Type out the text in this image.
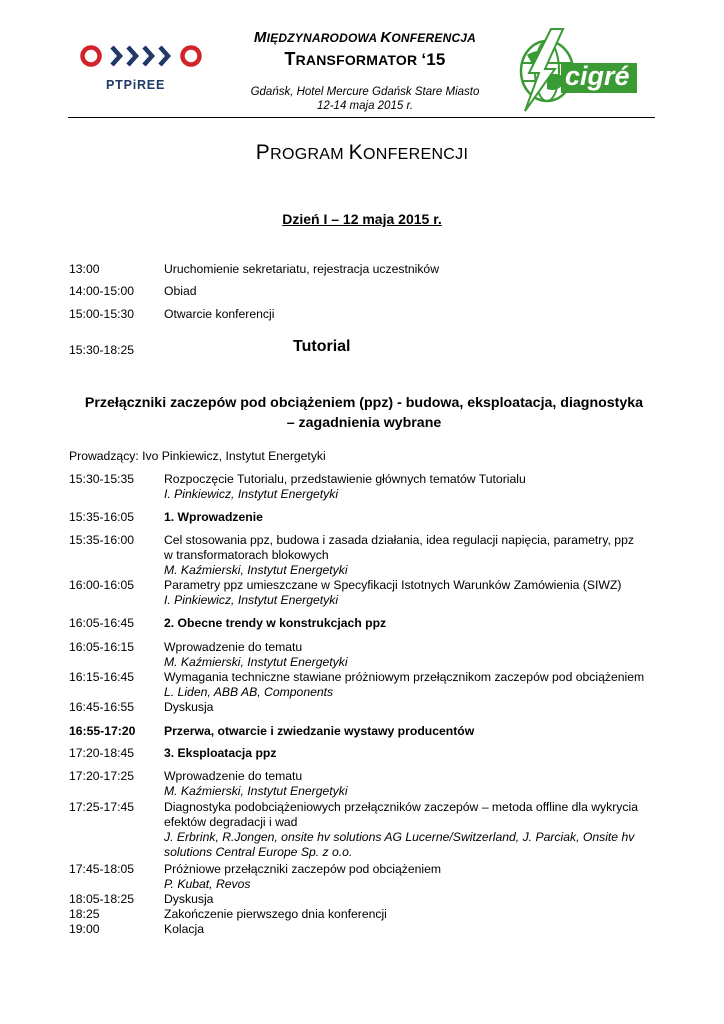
PTPiREE
MIĘDZYNARODOWA KONFERENCJA
TRANSFORMATOR ‘15
Gdańsk, Hotel Mercure Gdańsk Stare Miasto
12-14 maja 2015 r.
cigré
PROGRAM KONFERENCJI
Dzień I – 12 maja 2015 r.
13:00	Uruchomienie sekretariatu, rejestracja uczestników
14:00-15:00 Obiad
15:00-15:30 Otwarcie konferencji
15:30-18:25	Tutorial
Przełączniki zaczepów pod obciążeniem (ppz) - budowa, eksploatacja, diagnostyka
– zagadnienia wybrane
Prowadzący: Ivo Pinkiewicz, Instytut Energetyki
15:30-15:35 Rozpoczęcie Tutorialu, przedstawienie głównych tematów Tutorialu
I. Pinkiewicz, Instytut Energetyki
15:35-16:05 1. Wprowadzenie
15:35-16:00 Cel stosowania ppz, budowa i zasada działania, idea regulacji napięcia, parametry, ppz
w transformatorach blokowych
M. Kaźmierski, Instytut Energetyki
16:00-16:05 Parametry ppz umieszczane w Specyfikacji Istotnych Warunków Zamówienia (SIWZ)
I. Pinkiewicz, Instytut Energetyki
16:05-16:45 2. Obecne trendy w konstrukcjach ppz
16:05-16:15 Wprowadzenie do tematu
M. Kaźmierski, Instytut Energetyki
16:15-16:45 Wymagania techniczne stawiane próżniowym przełącznikom zaczepów pod obciążeniem
L. Liden, ABB AB, Components
16:45-16:55 Dyskusja
16:55-17:20 Przerwa, otwarcie i zwiedzanie wystawy producentów
17:20-18:45 3. Eksploatacja ppz
17:20-17:25 Wprowadzenie do tematu
M. Kaźmierski, Instytut Energetyki
17:25-17:45 Diagnostyka podobciążeniowych przełączników zaczepów – metoda offline dla wykrycia
efektów degradacji i wad
J. Erbrink, R.Jongen, onsite hv solutions AG Lucerne/Switzerland, J. Parciak, Onsite hv
solutions Central Europe Sp. z o.o.
17:45-18:05 Próżniowe przełączniki zaczepów pod obciążeniem
P. Kubat, Revos
18:05-18:25 Dyskusja
18:25	Zakończenie pierwszego dnia konferencji
19:00	Kolacja
